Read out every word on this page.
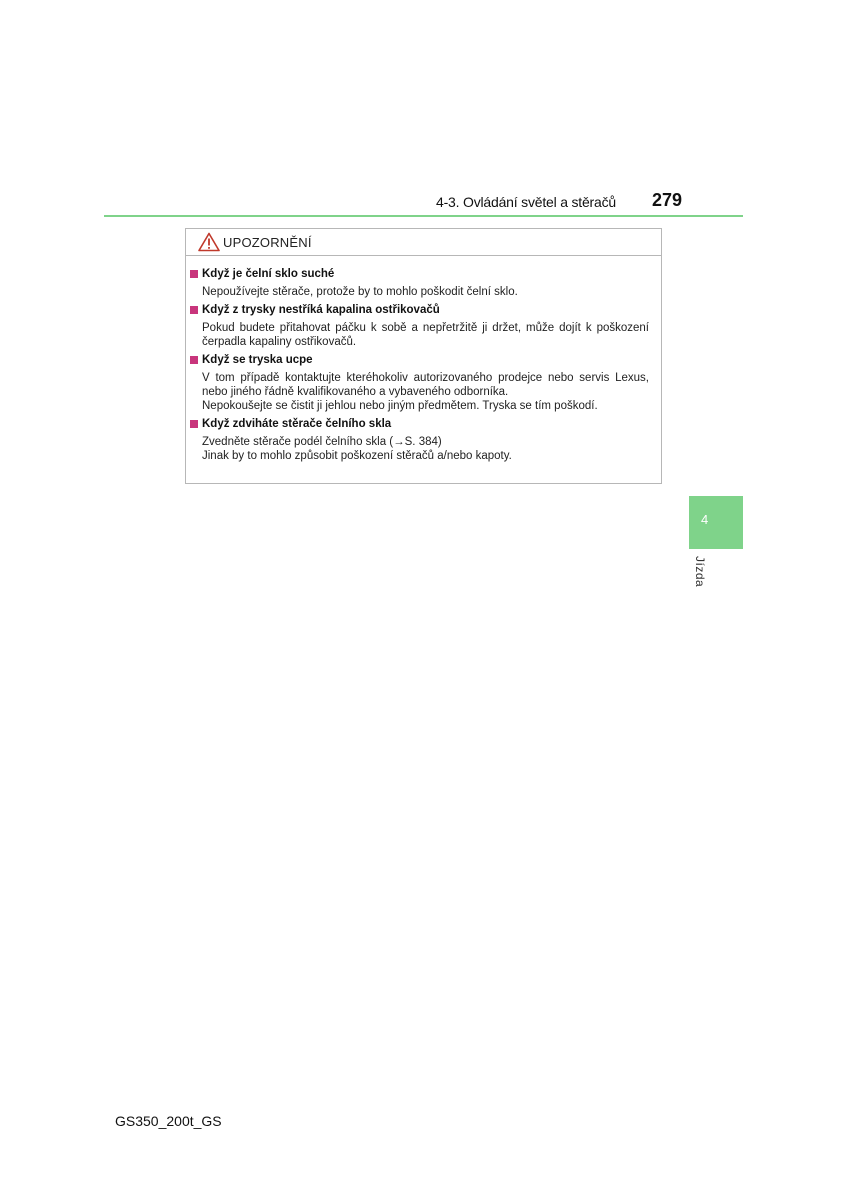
4-3. Ovládání světel a stěračů 279
UPOZORNĚNÍ
Když je čelní sklo suché
Nepoužívejte stěrače, protože by to mohlo poškodit čelní sklo.
Když z trysky nestříká kapalina ostřikovačů
Pokud budete přitahovat páčku k sobě a nepřetržitě ji držet, může dojít k poškození čerpadla kapaliny ostřikovačů.
Když se tryska ucpe
V tom případě kontaktujte kteréhokoliv autorizovaného prodejce nebo servis Lexus, nebo jiného řádně kvalifikovaného a vybaveného odborníka.
Nepokoušejte se čistit ji jehlou nebo jiným předmětem. Tryska se tím poškodí.
Když zdviháte stěrače čelního skla
Zvedněte stěrače podél čelního skla (→S. 384)
Jinak by to mohlo způsobit poškození stěračů a/nebo kapoty.
4
Jízda
GS350_200t_GS
